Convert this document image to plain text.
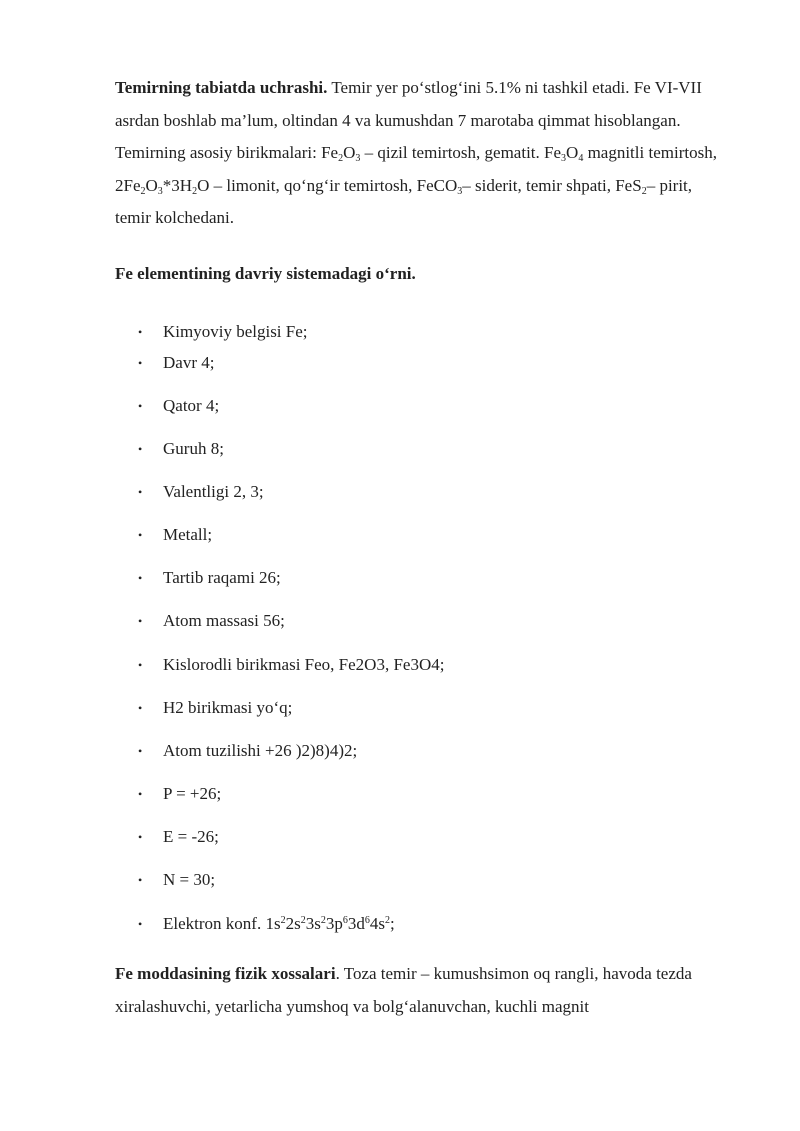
Temirning tabiatda uchrashi. Temir yer po‘stlog‘ini 5.1% ni tashkil etadi. Fe VI-VII asrdan boshlab ma’lum, oltindan 4 va kumushdan 7 marotaba qimmat hisoblangan. Temirning asosiy birikmalari: $Fe_2O_3$ – qizil temirtosh, gematit. $Fe_3O_4$ magnitli temirtosh, $2Fe_2O_3*3H_2O$ – limonit, qo‘ng‘ir temirtosh, FeCO$_3$– siderit, temir shpati, FeS$_2$– pirit, temir kolchedani.

Fe elementining davriy sistemadagi o‘rni.

• Kimyoviy belgisi Fe;
• Davr 4;
• Qator 4;
• Guruh 8;
• Valentligi 2, 3;
• Metall;
• Tartib raqami 26;
• Atom massasi 56;
• Kislorodli birikmasi Feo, Fe2O3, Fe3O4;
• H2 birikmasi yo‘q;
• Atom tuzilishi +26 )2)8)4)2;
• P = +26;
• E = -26;
• N = 30;
• Elektron konf. $1s^22s^23s^23p^63d^64s^2$;

Fe moddasining fizik xossalari. Toza temir – kumushsimon oq rangli, havoda tezda xiralashuvchi, yetarlicha yumshoq va bolg‘alanuvchan, kuchli magnit
